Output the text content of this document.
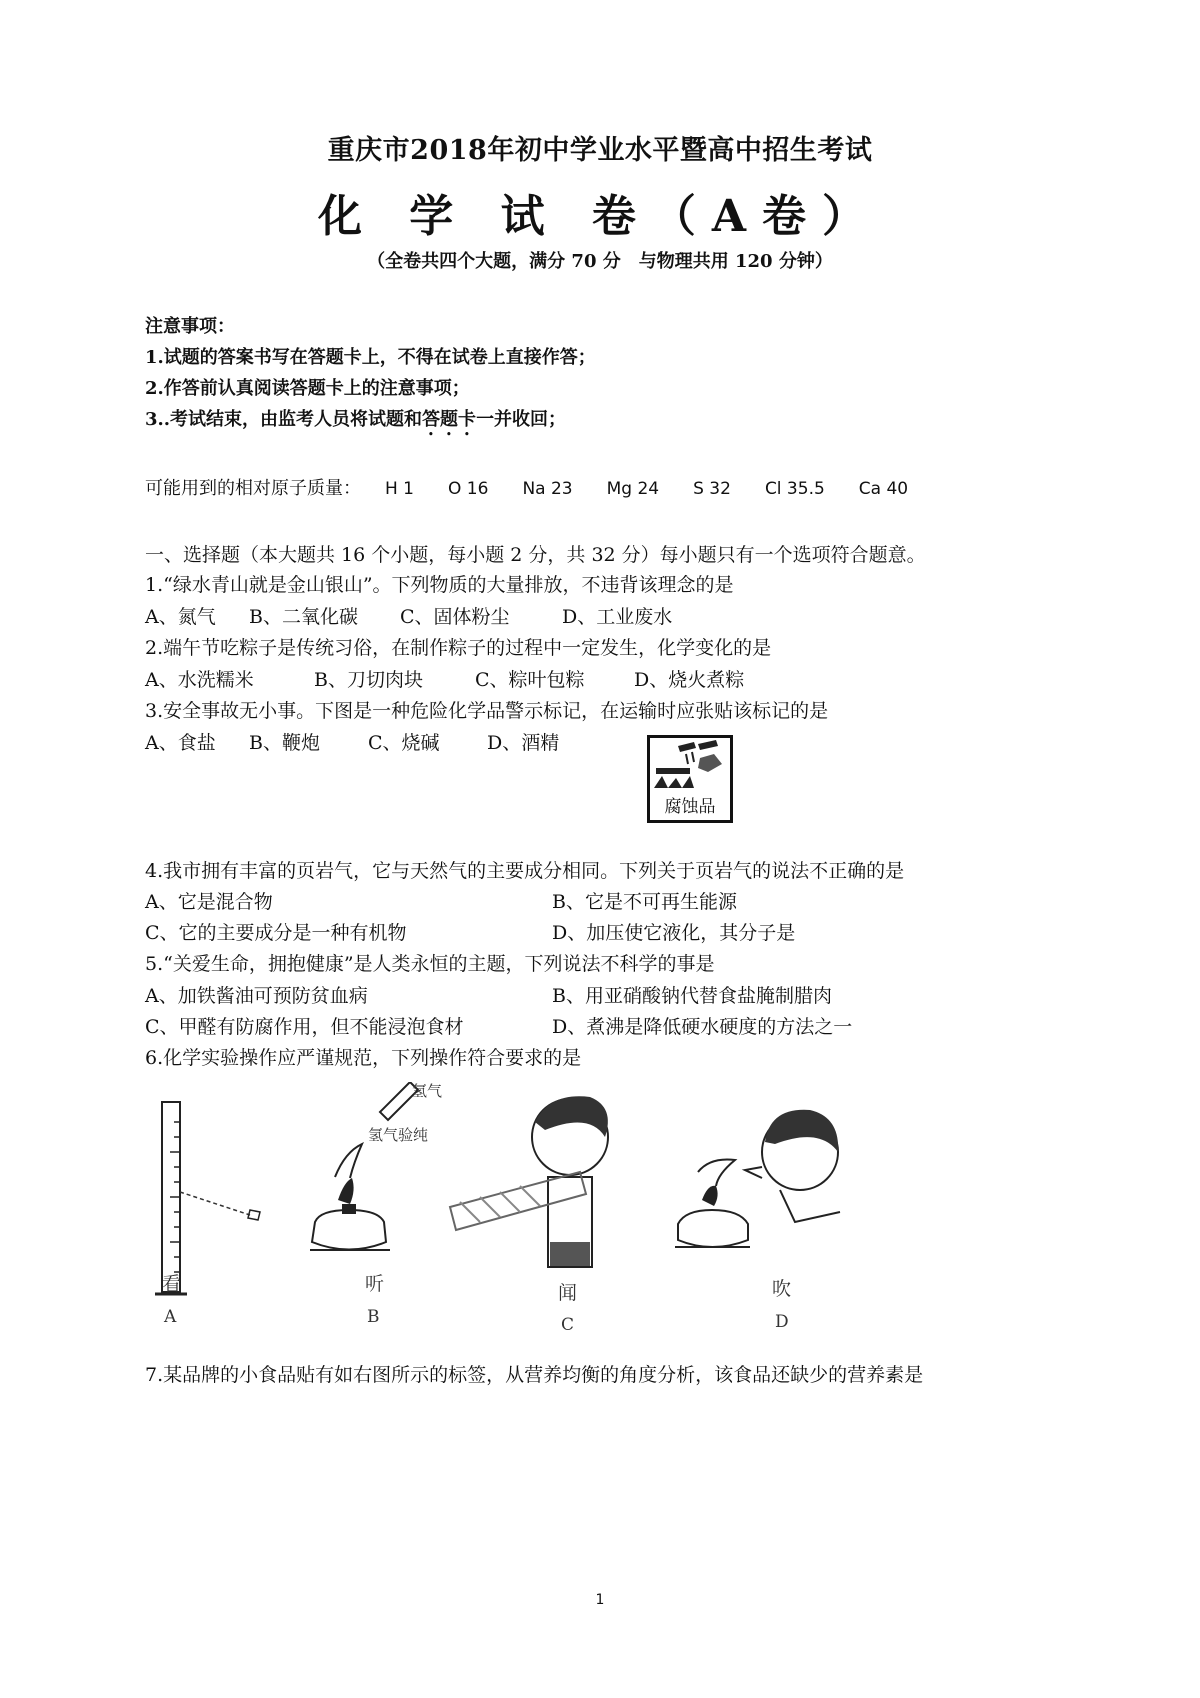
重庆市2018年初中学业水平暨高中招生考试
化 学 试 卷（A卷）
（全卷共四个大题，满分 70 分　与物理共用 120 分钟）
注意事项：
1.试题的答案书写在答题卡上，不得在试卷上直接作答；
2.作答前认真阅读答题卡上的注意事项；
3..考试结束，由监考人员将试题和答题卡一并收回；
可能用到的相对原子质量： H 1 O 16 Na 23 Mg 24 S 32 Cl 35.5 Ca 40
一、选择题（本大题共 16 个小题，每小题 2 分，共 32 分）每小题只有一个选项符合题意。
1.“绿水青山就是金山银山”。下列物质的大量排放，不违背该理念的是
A、氮气 B、二氧化碳 C、固体粉尘	D、工业废水
2.端午节吃粽子是传统习俗，在制作粽子的过程中一定发生，化学变化的是
A、水洗糯米	B、刀切肉块	C、粽叶包粽	D、烧火煮粽
3.安全事故无小事。下图是一种危险化学品警示标记，在运输时应张贴该标记的是
A、食盐 B、鞭炮	C、烧碱 D、酒精
腐蚀品
4.我市拥有丰富的页岩气，它与天然气的主要成分相同。下列关于页岩气的说法不正确的是
A、它是混合物	B、它是不可再生能源
C、它的主要成分是一种有机物	D、加压使它液化，其分子是
5.“关爱生命，拥抱健康”是人类永恒的主题，下列说法不科学的事是
A、加铁酱油可预防贫血病	B、用亚硝酸钠代替食盐腌制腊肉
C、甲醛有防腐作用，但不能浸泡食材	D、煮沸是降低硬水硬度的方法之一
6.化学实验操作应严谨规范，下列操作符合要求的是
氢气
氢气验纯
看
A
听
B
闻
C
吹
D
7.某品牌的小食品贴有如右图所示的标签，从营养均衡的角度分析，该食品还缺少的营养素是
1
